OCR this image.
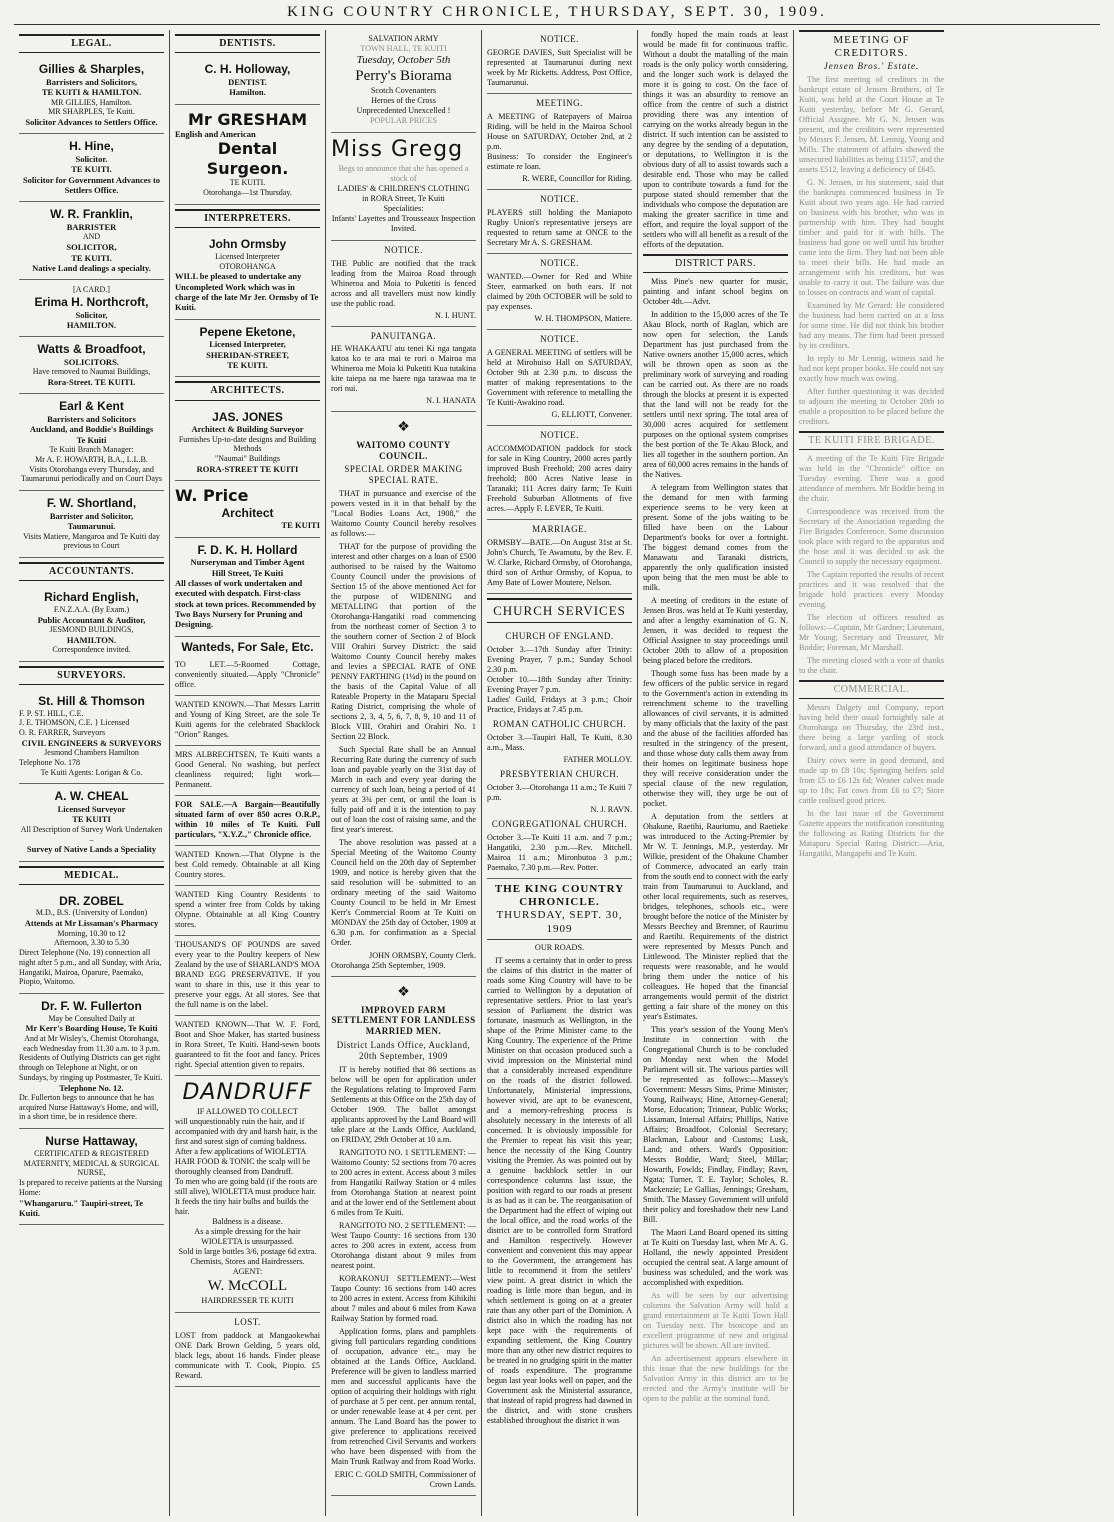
KING COUNTRY CHRONICLE, THURSDAY, SEPT. 30, 1909.
LEGAL.
Gillies & Sharples,
Barristers and Solicitors,
TE KUITI & HAMILTON.
MR GILLIES, Hamilton.
MR SHARPLES, Te Kuiti.
Solicitor Advances to Settlers Office.
H. Hine,
Solicitor.
TE KUITI.
Solicitor for Government Advances to Settlers Office.
W. R. Franklin,
BARRISTER
AND
SOLICITOR,
TE KUITI.
Native Land dealings a specialty.
[A CARD.]
Erima H. Northcroft,
Solicitor,
HAMILTON.
Watts & Broadfoot,
SOLICITORS.
Have removed to Naumai Buildings,
Rora-Street. TE KUITI.
Earl & Kent
Barristers and Solicitors
Auckland, and Boddie's Buildings
Te Kuiti
Te Kuiti Branch Manager:
Mr A. F. HOWARTH, B.A., L.L.B.
Visits Otorohanga every Thursday, and Taumarunui periodically and on Court Days
F. W. Shortland,
Barrister and Solicitor,
Taumarunui.
Visits Matiere, Mangaroa and Te Kuiti day previous to Court
ACCOUNTANTS.
Richard English,
F.N.Z.A.A. (By Exam.)
Public Accountant & Auditor,
JESMOND BUILDINGS,
HAMILTON.
Correspondence invited.
SURVEYORS.
St. Hill & Thomson
F. P. ST. HILL, C.E.
J. E. THOMSON, C.E. } Licensed
O. R. FARRER, Surveyors
CIVIL ENGINEERS & SURVEYORS
Jesmond Chambers Hamilton
Telephone No. 178
Te Kuiti Agents: Lorigan & Co.
A. W. CHEAL
Licensed Surveyor
TE KUITI
All Description of Survey Work Undertaken –
Survey of Native Lands a Speciality
MEDICAL.
DR. ZOBEL
M.D., B.S. (University of London)
Attends at Mr Lissaman's Pharmacy
Morning, 10.30 to 12
Afternoon, 3.30 to 5.30
Direct Telephone (No. 19) connection all night after 5 p.m., and all Sunday, with Aria, Hangatiki, Mairoa, Oparure, Paemako, Piopio, Waitomo.
Dr. F. W. Fullerton
May be Consulted Daily at
Mr Kerr's Boarding House, Te Kuiti
And at Mr Wisley's, Chemist Otorohanga, each Wednesday from 11.30 a.m. to 3 p.m.
Residents of Outlying Districts can get right through on Telephone at Night, or on Sundays, by ringing up Postmaster, Te Kuiti.
Telephone No. 12.
Dr. Fullerton begs to announce that he has acquired Nurse Hattaway's Home, and will, in a short time, be in residence there.
Nurse Hattaway,
CERTIFICATED & REGISTERED MATERNITY, MEDICAL & SURGICAL NURSE,
Is prepared to receive patients at the Nursing Home:
"Whangaruru." Taupiri-street, Te Kuiti.
DENTISTS.
C. H. Holloway,
DENTIST.
Hamilton.
Mr GRESHAM
English and American
Dental Surgeon.
TE KUITI.
Otorohanga—1st Thursday.
INTERPRETERS.
John Ormsby
Licensed Interpreter
OTOROHANGA
WILL be pleased to undertake any Uncompleted Work which was in charge of the late Mr Jer. Ormsby of Te Kuiti.
Pepene Eketone,
Licensed Interpreter,
SHERIDAN-STREET,
TE KUITI.
ARCHITECTS.
JAS. JONES
Architect & Building Surveyor
Furnishes Up-to-date designs and Building Methods
"Naumai" Buildings
RORA-STREET TE KUITI
W. Price
Architect
TE KUITI
F. D. K. H. Hollard
Nurseryman and Timber Agent
Hill Street, Te Kuiti
All classes of work undertaken and executed with despatch. First-class stock at town prices. Recommended by Two Bays Nursery for Pruning and Designing.
Wanteds, For Sale, Etc.
TO LET.—5-Roomed Cottage, conveniently situated.—Apply "Chronicle" office.
WANTED KNOWN.—That Messrs Larritt and Young of King Street, are the sole Te Kuiti agents for the celebrated Shacklock "Orion" Ranges.
MRS ALBRECHTSEN, Te Kuiti wants a Good General. No washing, but perfect cleanliness required; light work—Permanent.
FOR SALE.—A Bargain—Beautifully situated farm of over 850 acres O.R.P., within 10 miles of Te Kuiti. Full particulars, "X.Y.Z.," Chronicle office.
WANTED Known.—That Olypne is the best Cold remedy. Obtainable at all King Country stores.
WANTED King Country Residents to spend a winter free from Colds by taking Olypne. Obtainable at all King Country stores.
THOUSAND'S OF POUNDS are saved every year to the Poultry keepers of New Zealand by the use of SHARLAND'S MOA BRAND EGG PRESERVATIVE. If you want to share in this, use it this year to preserve your eggs. At all stores. See that the full name is on the label.
WANTED KNOWN—That W. F. Ford, Boot and Shoe Maker, has started business in Rora Street, Te Kuiti. Hand-sewn boots guaranteed to fit the foot and fancy. Prices right. Special attention given to repairs.
DANDRUFF
IF ALLOWED TO COLLECT
will unquestionably ruin the hair, and if accompanied with dry and harsh hair, is the first and surest sign of coming baldness.
After a few applications of WIOLETTA HAIR FOOD & TONIC the scalp will be thoroughly cleansed from Dandruff.
To men who are going bald (if the roots are still alive), WIOLETTA must produce hair. It feeds the tiny hair bulbs and builds the hair.
Baldness is a disease.
As a simple dressing for the hair WIOLETTA is unsurpassed.
Sold in large bottles 3/6, postage 6d extra. Chemists, Stores and Hairdressers.
AGENT:
W. McCOLL
HAIRDRESSER TE KUITI
LOST.
LOST from paddock at Mangaokewhai ONE Dark Brown Gelding, 5 years old, black legs, about 16 hands. Finder please communicate with T. Cook, Piopio. £5 Reward.
SALVATION ARMY
TOWN HALL, TE KUITI
Tuesday, October 5th
Perry's Biorama
Scotch Covenanters
Heroes of the Cross
Unprecedented Unexcelled !
POPULAR PRICES
Miss Gregg
Begs to announce that she has opened a stock of
LADIES' & CHILDREN'S CLOTHING
in RORA Street, Te Kuiti
Specialities:
Infants' Layettes and Trousseaux Inspection Invited.
NOTICE.
THE Public are notified that the track leading from the Mairoa Road through Whineroa and Moia to Puketiti is fenced across and all travellers must now kindly use the public road.
N. I. HUNT.
PANUITANGA.
HE WHAKAATU atu tenei Ki nga tangata katoa ko te ara mai te rori o Mairoa ma Whineroa me Moia ki Puketiti Kua tutakina kite taiepa na me haere nga tarawaa ma te rori nui.
N. I. HANATA
❖
WAITOMO COUNTY COUNCIL.
SPECIAL ORDER MAKING SPECIAL RATE.
THAT in pursuance and exercise of the powers vested in it in that behalf by the "Local Bodies Loans Act, 1908," the Waitomo County Council hereby resolves as follows:—
THAT for the purpose of providing the interest and other charges on a loan of £500 authorised to be raised by the Waitomo County Council under the provisions of Section 15 of the above mentioned Act for the purpose of WIDENING and METALLING that portion of the Otorohanga-Hangatiki road commencing from the northeast corner of Section 3 to the southern corner of Section 2 of Block VIII Orahiri Survey District: the said Waitomo County Council hereby makes and levies a SPECIAL RATE of ONE PENNY FARTHING (1¼d) in the pound on the basis of the Capital Value of all Rateable Property in the Mataparu Special Rating District, comprising the whole of sections 2, 3, 4, 5, 6, 7, 8, 9, 10 and 11 of Block VIII, Orahiri and Orahiri No. 1 Section 22 Block.
Such Special Rate shall be an Annual Recurring Rate during the currency of such loan and payable yearly on the 31st day of March in each and every year during the currency of such loan, being a period of 41 years at 3¾ per cent, or until the loan is fully paid off and it is the intention to pay out of loan the cost of raising same, and the first year's interest.
The above resolution was passed at a Special Meeting of the Waitomo County Council held on the 20th day of September 1909, and notice is hereby given that the said resolution will be submitted to an ordinary meeting of the said Waitomo County Council to be held in Mr Ernest Kerr's Commercial Room at Te Kuiti on MONDAY the 25th day of October, 1909 at 6.30 p.m. for confirmation as a Special Order.
JOHN ORMSBY, County Clerk.
Otorohanga 25th September, 1909.
❖
IMPROVED FARM SETTLEMENT FOR LANDLESS MARRIED MEN.
District Lands Office, Auckland, 20th September, 1909
IT is hereby notified that 86 sections as below will be open for application under the Regulations relating to Improved Farm Settlements at this Office on the 25th day of October 1909. The ballot amongst applicants approved by the Land Board will take place at the Lands Office, Auckland, on FRIDAY, 29th October at 10 a.m.
RANGITOTO NO. 1 SETTLEMENT: —Waitomo County: 52 sections from 70 acres to 200 acres in extent. Access about 3 miles from Hangatiki Railway Station or 4 miles from Otorohanga Station at nearest point and at the lower end of the Settlement about 6 miles from Te Kuiti.
RANGITOTO NO. 2 SETTLEMENT: —West Taupo County: 16 sections from 130 acres to 200 acres in extent, access from Otorohanga distant about 9 miles from nearest point.
KORAKONUI SETTLEMENT:—West Taupo County: 16 sections from 140 acres to 200 acres in extent. Access from Kihikihi about 7 miles and about 6 miles from Kawa Railway Station by formed road.
Application forms, plans and pamphlets giving full particulars regarding conditions of occupation, advance etc., may be obtained at the Lands Office, Auckland. Preference will be given to landless married men and successful applicants have the option of acquiring their holdings with right of purchase at 5 per cent. per annum rental, or under renewable lease at 4 per cent. per annum. The Land Board has the power to give preference to applications received from retrenched Civil Servants and workers who have been dispensed with from the Main Trunk Railway and from Road Works.
ERIC C. GOLD SMITH, Commissioner of Crown Lands.
NOTICE.
GEORGE DAVIES, Suit Specialist will be represented at Taumarunui during next week by Mr Ricketts. Address, Post Office, Taumarunui.
MEETING.
A MEETING of Ratepayers of Mairoa Riding, will be held in the Mairoa School House on SATURDAY, October 2nd, at 2 p.m.
Business: To consider the Engineer's estimate re loan.
R. WERE, Councillor for Riding.
NOTICE.
PLAYERS still holding the Maniapoto Rugby Union's representative jerseys are requested to return same at ONCE to the Secretary Mr A. S. GRESHAM.
NOTICE.
WANTED.—Owner for Red and White Steer, earmarked on both ears. If not claimed by 20th OCTOBER will be sold to pay expenses.
W. H. THOMPSON, Matiere.
NOTICE.
A GENERAL MEETING of settlers will be held at Mirohuiso Hall on SATURDAY, October 9th at 2.30 p.m. to discuss the matter of making representations to the Government with reference to metalling the Te Kuiti-Awakino road.
G. ELLIOTT, Convener.
NOTICE.
ACCOMMODATION paddock for stock for sale in King Country, 2000 acres partly improved Bush Freehold; 200 acres dairy freehold; 800 Acres Native lease in Taranaki; 111 Acres dairy farm; Te Kuiti Freehold Suburban Allotments of five acres.—Apply F. LEVER, Te Kuiti.
MARRIAGE.
ORMSBY—BATE.—On August 31st at St. John's Church, Te Awamutu, by the Rev. F. W. Clarke, Richard Ormsby, of Otorohanga, third son of Arthur Ormsby, of Kopua, to Amy Bate of Lower Moutere, Nelson.
CHURCH SERVICES
CHURCH OF ENGLAND.
October 3.—17th Sunday after Trinity: Evening Prayer, 7 p.m.; Sunday School 2.30 p.m.
October 10.—18th Sunday after Trinity: Evening Prayer 7 p.m.
Ladies' Guild, Fridays at 3 p.m.; Choir Practice, Fridays at 7.45 p.m.
ROMAN CATHOLIC CHURCH.
October 3.—Taupiri Hall, Te Kuiti, 8.30 a.m., Mass.
FATHER MOLLOY.
PRESBYTERIAN CHURCH.
October 3.—Otorohanga 11 a.m.; Te Kuiti 7 p.m.
N. J. RAVN.
CONGREGATIONAL CHURCH.
October 3.—Te Kuiti 11 a.m. and 7 p.m.; Hangatiki, 2.30 p.m.—Rev. Mitchell. Mairoa 11 a.m.; Mironbutoa 3 p.m.; Paemako, 7.30 p.m.—Rev. Potter.
THE KING COUNTRY CHRONICLE.
THURSDAY, SEPT. 30, 1909
OUR ROADS.
IT seems a certainty that in order to press the claims of this district in the matter of roads some King Country will have to be carried to Wellington by a deputation of representative settlers. Prior to last year's session of Parliament the district was fortunate, inasmuch as Wellington, in the shape of the Prime Minister came to the King Country. The experience of the Prime Minister on that occasion produced such a vivid impression on the Ministerial mind that a considerably increased expenditure on the roads of the district followed. Unfortunately, Ministerial impressions, however vivid, are apt to be evanescent, and a memory-refreshing process is absolutely necessary in the interests of all concerned. It is obviously impossible for the Premier to repeat his visit this year; hence the necessity of the King Country visiting the Premier. As was pointed out by a genuine backblock settler in our correspondence columns last issue, the position with regard to our roads at present is as bad as it can be. The reorganisation of the Department had the effect of wiping out the local office, and the road works of the district are to be controlled form Stratford and Hamilton respectively. However convenient and convenient this may appear to the Government, the arrangement has little to recommend it from the settlers' view point. A great district in which the roading is little more than begun, and in which settlement is going on at a greater rate than any other part of the Dominion. A district also in which the roading has not kept pace with the requirements of expanding settlement, the King Country more than any other new district requires to be treated in no grudging spirit in the matter of roads expenditure. The programme begun last year looks well on paper, and the Government ask the Ministerial assurance, that instead of rapid progress had dawned in the district, and with stone crushers established throughout the district it was
fondly hoped the main roads at least would be made fit for continuous traffic. Without a doubt the matalling of the main roads is the only policy worth considering, and the longer such work is delayed the more it is going to cost. On the face of things it was an absurdity to remove an office from the centre of such a district providing there was any intention of carrying on the works already begun in the district. If such intention can be assisted to any degree by the sending of a deputation, or deputations, to Wellington it is the obvious duty of all to assist towards such a desirable end. Those who may be called upon to contribute towards a fund for the purpose stated should remember that the individuals who compose the deputation are making the greater sacrifice in time and effort, and require the loyal support of the settlers who will all benefit as a result of the efforts of the deputation.
DISTRICT PARS.
Miss Pine's new quarter for music, painting and infant school begins on October 4th.—Advt.
In addition to the 15,000 acres of the Te Akau Block, north of Raglan, which are now open for selection, the Lands Department has just purchased from the Native owners another 15,000 acres, which will be thrown open as soon as the preliminary work of surveying and roading can be carried out. As there are no roads through the blocks at present it is expected that the land will not be ready for the settlers until next spring. The total area of 30,000 acres acquired for settlement purposes on the optional system comprises the best portion of the Te Akau Block, and lies all together in the southern portion. An area of 60,000 acres remains in the hands of the Natives.
A telegram from Wellington states that the demand for men with farming experience seems to be very keen at present. Some of the jobs waiting to be filled have been on the Labour Department's books for over a fortnight. The biggest demand comes from the Manawatu and Taranaki districts, apparently the only qualification insisted upon being that the men must be able to milk.
A meeting of creditors in the estate of Jensen Bros. was held at Te Kuiti yesterday, and after a lengthy examination of G. N. Jensen, it was decided to request the Official Assignee to stay proceedings until October 20th to allow of a proposition being placed before the creditors.
Though some fuss has been made by a few officers of the public service in regard to the Government's action in extending its retrenchment scheme to the travelling allowances of civil servants, it is admitted by many officials that the laxity of the past and the abuse of the facilities afforded has resulted in the stringency of the present, and those whose duty calls them away from their homes on legitimate business hope they will receive consideration under the special clause of the new regulation, otherwise they will, they urge be out of pocket.
A deputation from the settlers at Ohakune, Raetihi, Rauriumu, and Raetieke was introduced to the Acting-Premier by Mr W. T. Jennings, M.P., yesterday. Mr Wilkie, president of the Ohakune Chamber of Commerce, advocated an early train from the south end to connect with the early train from Taumarunui to Auckland, and other local requirements, such as reserves, bridges, telephones, schools etc., were brought before the notice of the Minister by Messrs Beechey and Bremner, of Raurimu and Raetihi. Requirements of the district were represented by Messrs Punch and Littlewood. The Minister replied that the requests were reasonable, and he would bring them under the notice of his colleagues. He hoped that the financial arrangements would permit of the district getting a fair share of the money on this year's Estimates.
This year's session of the Young Men's Institute in connection with the Congregational Church is to be concluded on Monday next when the Model Parliament will sit. The various parties will be represented as follows:—Massey's Government: Messrs Sims, Prime Minister; Young, Railways; Hine, Attorney-General; Morse, Education; Trinnear, Public Works; Lissaman, Internal Affairs; Phillips, Native Affairs; Broadfoot, Colonial Secretary; Blackman, Labour and Customs; Lusk, Land; and others. Ward's Opposition: Messrs Boddie, Ward; Steel, Millar; Howarth, Fowlds; Findlay, Findlay; Ravn, Ngata; Turner, T. E. Taylor; Scholes, R. Mackenzie; Le Gallias, Jennings; Gresham, Smith. The Massey Government will unfold their policy and foreshadow their new Land Bill.
The Maori Land Board opened its sitting at Te Kuiti on Tuesday last, when Mr A. G. Holland, the newly appointed President occupied the central seat. A large amount of business was scheduled, and the work was accomplished with expedition.
As will be seen by our advertising columns the Salvation Army will hold a grand entertainment at Te Kuiti Town Hall on Tuesday next. The bioscope and an excellent programme of new and original pictures will be shown. All are invited.
An advertisement appears elsewhere in this issue that the new buildings for the Salvation Army in this district are to be erected and the Army's institute will be open to the public at the nominal fund.
MEETING OF CREDITORS.
Jensen Bros.' Estate.
The first meeting of creditors in the bankrupt estate of Jensen Brothers, of Te Kuiti, was held at the Court House at Te Kuiti yesterday, before Mr G. Gerard, Official Assignee. Mr G. N. Jensen was present, and the creditors were represented by Messrs F. Jensen, M. Lennig, Young and Mills. The statement of affairs showed the unsecured liabilities as being £1157, and the assets £512, leaving a deficiency of £645.
G. N. Jensen, in his statement, said that the bankrupts commenced business in Te Kuiti about two years ago. He had carried on business with his brother, who was in partnership with him. They had bought timber and paid for it with bills. The business had gone on well until his brother came into the firm. They had not been able to meet their bills. He had made an arrangement with his creditors, but was unable to carry it out. The failure was due to losses on contracts and want of capital.
Examined by Mr Gerard: He considered the business had been carried on at a loss for some time. He did not think his brother had any means. The firm had been pressed by its creditors.
In reply to Mr Lennig, witness said he had not kept proper books. He could not say exactly how much was owing.
After further questioning it was decided to adjourn the meeting to October 20th to enable a proposition to be placed before the creditors.
TE KUITI FIRE BRIGADE.
A meeting of the Te Kuiti Fire Brigade was held in the "Chronicle" office on Tuesday evening. There was a good attendance of members. Mr Boddie being in the chair.
Correspondence was received from the Secretary of the Association regarding the Fire Brigades Conference. Some discussion took place with regard to the apparatus and the hose and it was decided to ask the Council to supply the necessary equipment.
The Captain reported the results of recent practices and it was resolved that the brigade hold practices every Monday evening.
The election of officers resulted as follows:—Captain, Mr Gardner; Lieutenant, Mr Young; Secretary and Treasurer, Mr Boddie; Foreman, Mr Marshall.
The meeting closed with a vote of thanks to the chair.
COMMERCIAL.
Messrs Dalgety and Company, report having held their usual fortnightly sale at Otorohanga on Thursday, the 23rd inst., there being a large yarding of stock forward, and a good attendance of buyers.
Dairy cows were in good demand, and made up to £8 10s; Springing heifers sold from £5 to £6 12s 6d; Weaner calves made up to 18s; Fat cows from £6 to £7; Store cattle realised good prices.
In the last issue of the Government Gazette appears the notification constituting the following as Rating Districts for the Mataparu Special Rating District:—Aria, Hangatiki, Mangapehi and Te Kuiti.
